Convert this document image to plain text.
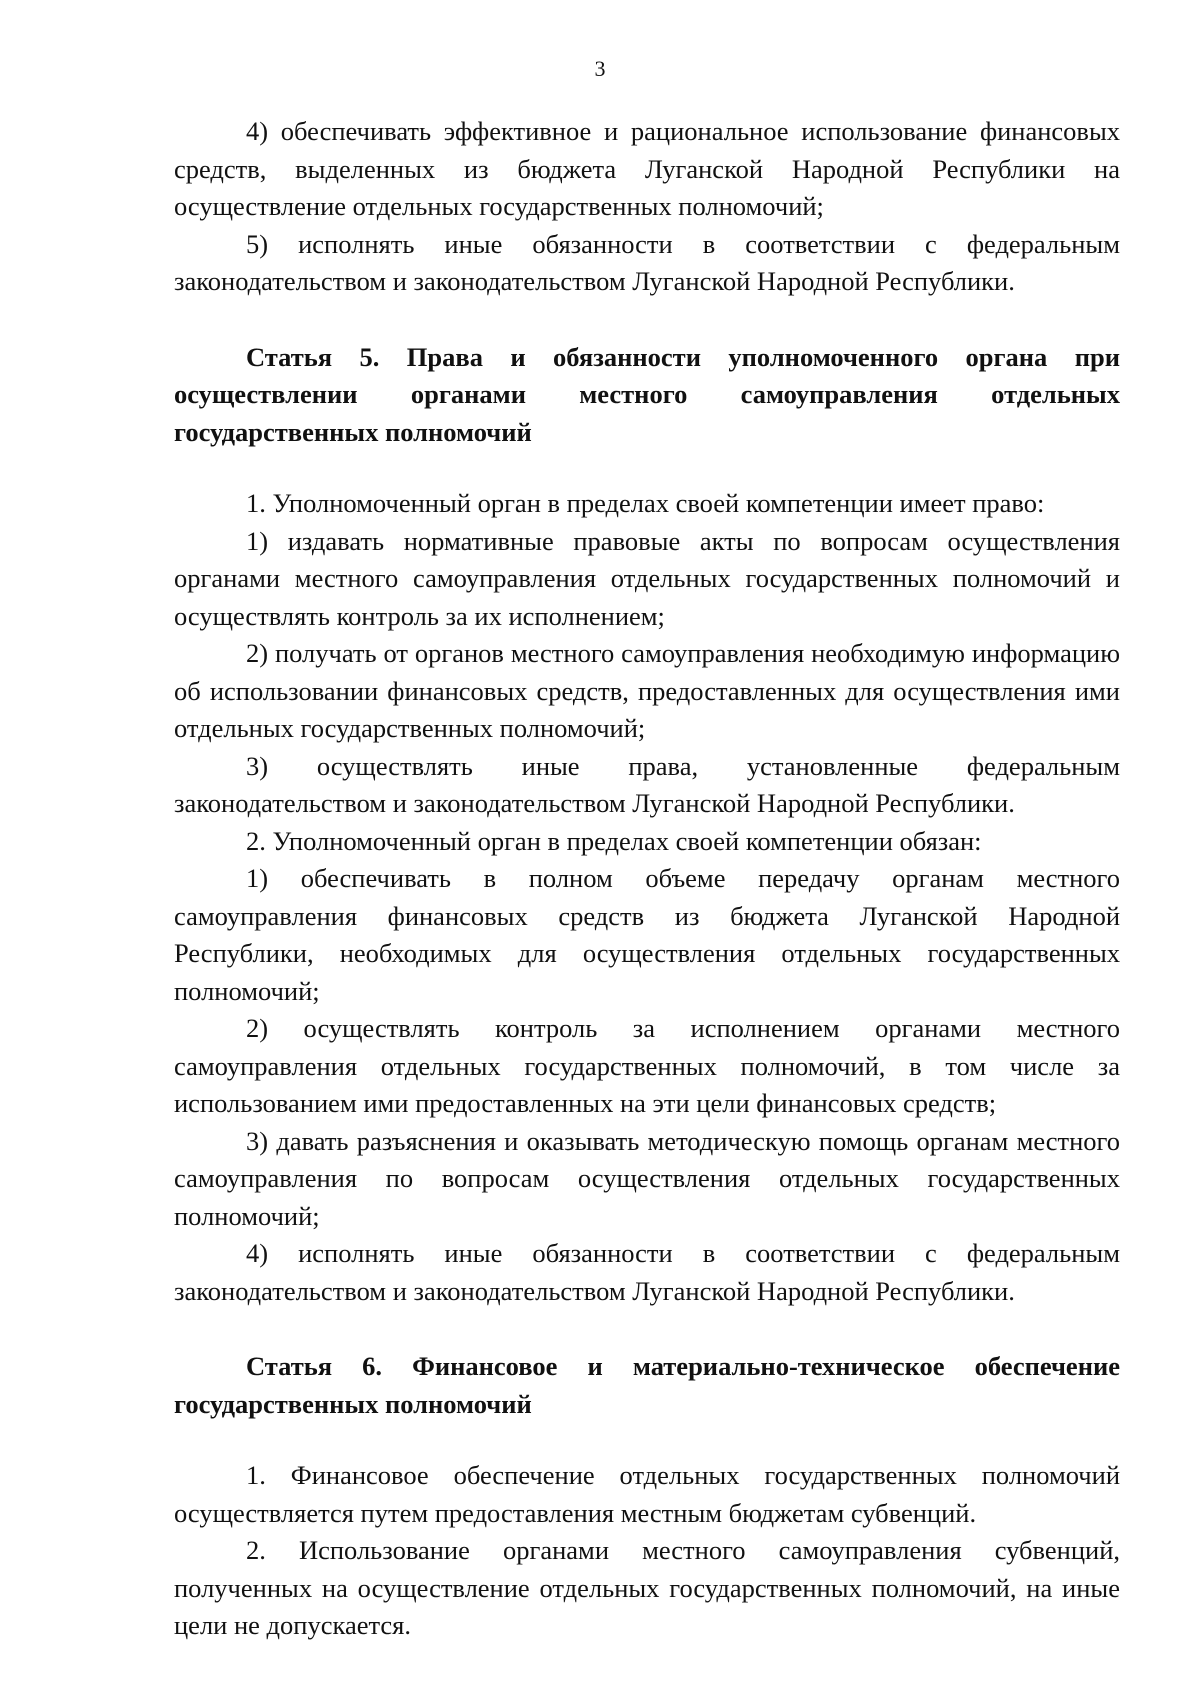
3

4) обеспечивать эффективное и рациональное использование финансовых средств, выделенных из бюджета Луганской Народной Республики на осуществление отдельных государственных полномочий;

5) исполнять иные обязанности в соответствии с федеральным законодательством и законодательством Луганской Народной Республики.

Статья 5. Права и обязанности уполномоченного органа при осуществлении органами местного самоуправления отдельных государственных полномочий

1. Уполномоченный орган в пределах своей компетенции имеет право:

1) издавать нормативные правовые акты по вопросам осуществления органами местного самоуправления отдельных государственных полномочий и осуществлять контроль за их исполнением;

2) получать от органов местного самоуправления необходимую информацию об использовании финансовых средств, предоставленных для осуществления ими отдельных государственных полномочий;

3) осуществлять иные права, установленные федеральным законодательством и законодательством Луганской Народной Республики.

2. Уполномоченный орган в пределах своей компетенции обязан:

1) обеспечивать в полном объеме передачу органам местного самоуправления финансовых средств из бюджета Луганской Народной Республики, необходимых для осуществления отдельных государственных полномочий;

2) осуществлять контроль за исполнением органами местного самоуправления отдельных государственных полномочий, в том числе за использованием ими предоставленных на эти цели финансовых средств;

3) давать разъяснения и оказывать методическую помощь органам местного самоуправления по вопросам осуществления отдельных государственных полномочий;

4) исполнять иные обязанности в соответствии с федеральным законодательством и законодательством Луганской Народной Республики.

Статья 6. Финансовое и материально-техническое обеспечение государственных полномочий

1. Финансовое обеспечение отдельных государственных полномочий осуществляется путем предоставления местным бюджетам субвенций.

2. Использование органами местного самоуправления субвенций, полученных на осуществление отдельных государственных полномочий, на иные цели не допускается.
